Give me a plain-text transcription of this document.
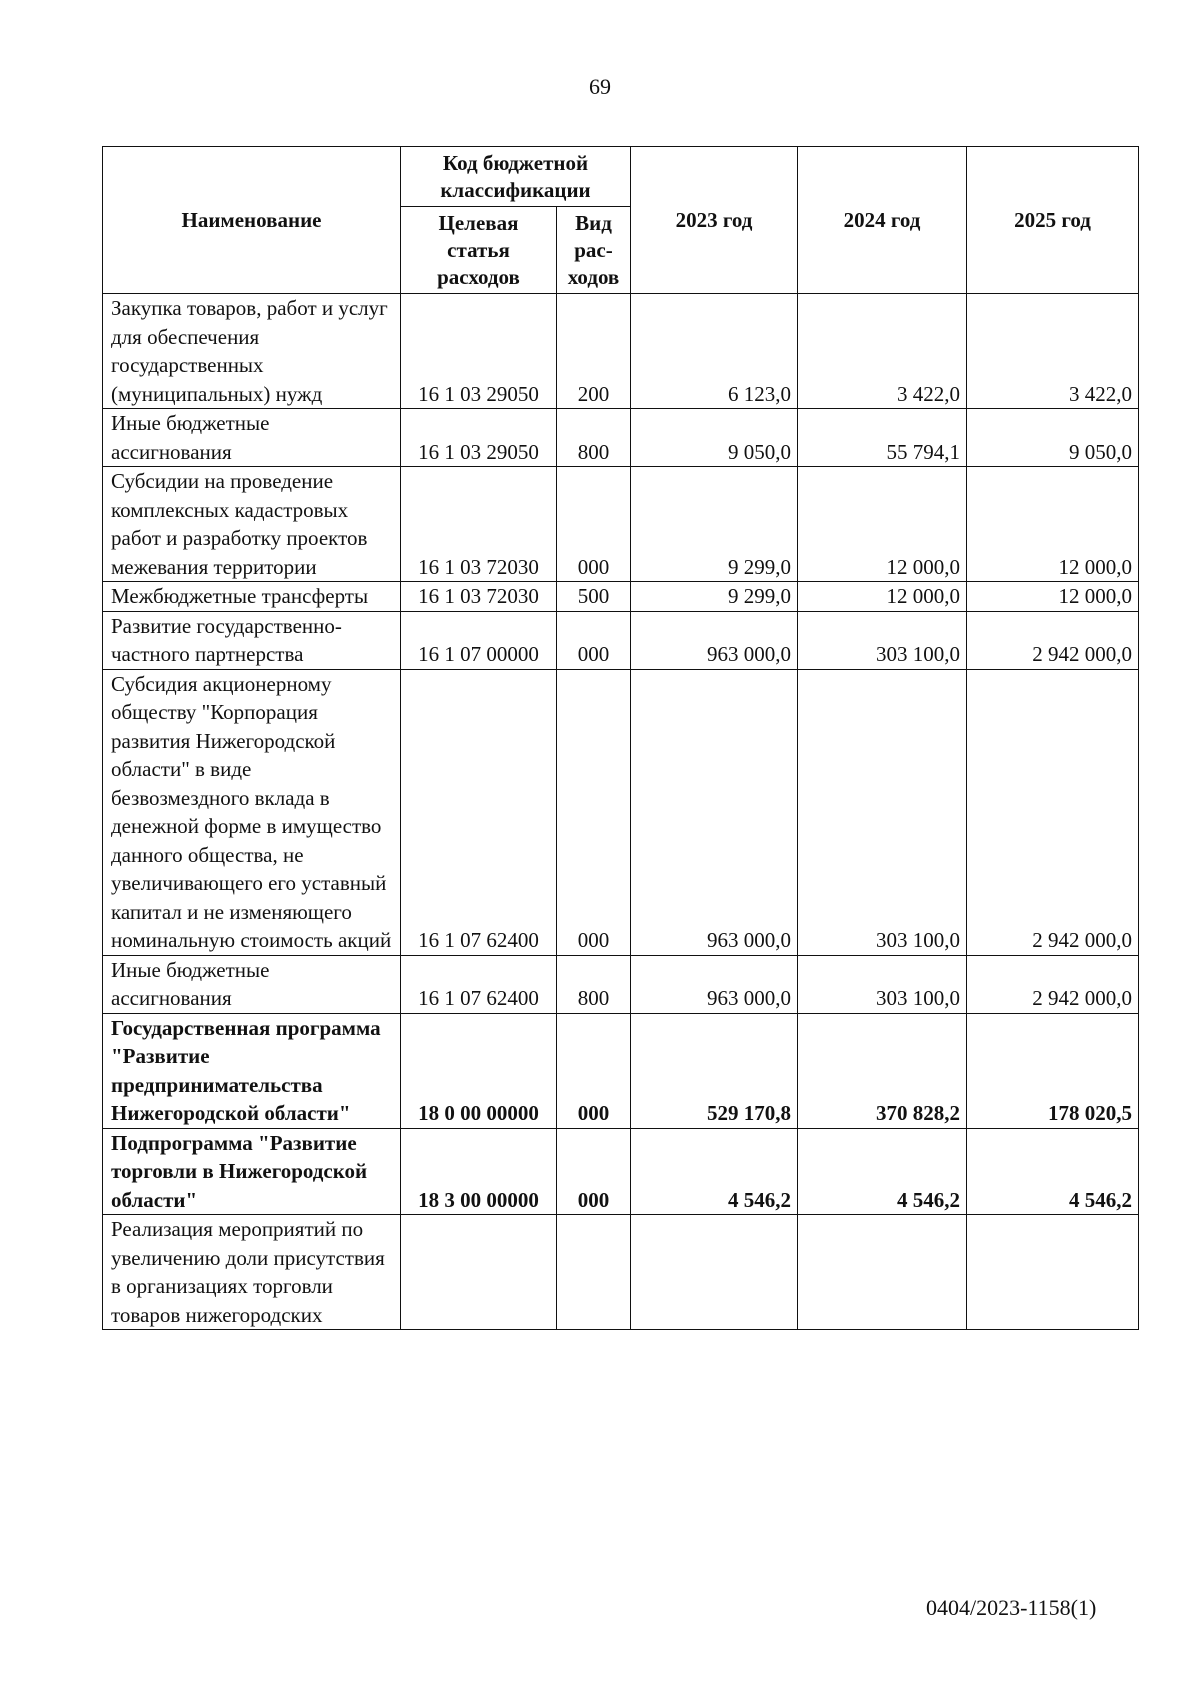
69
Наименование	Код бюджетной классификации		2023 год	2024 год	2025 год
	Целевая статья расходов	Вид рас-ходов			
Закупка товаров, работ и услуг для обеспечения государственных (муниципальных) нужд	16 1 03 29050	200	6 123,0	3 422,0	3 422,0
Иные бюджетные ассигнования	16 1 03 29050	800	9 050,0	55 794,1	9 050,0
Субсидии на проведение комплексных кадастровых работ и разработку проектов межевания территории	16 1 03 72030	000	9 299,0	12 000,0	12 000,0
Межбюджетные трансферты	16 1 03 72030	500	9 299,0	12 000,0	12 000,0
Развитие государственно-частного партнерства	16 1 07 00000	000	963 000,0	303 100,0	2 942 000,0
Субсидия акционерному обществу "Корпорация развития Нижегородской области" в виде безвозмездного вклада в денежной форме в имущество данного общества, не увеличивающего его уставный капитал и не изменяющего номинальную стоимость акций	16 1 07 62400	000	963 000,0	303 100,0	2 942 000,0
Иные бюджетные ассигнования	16 1 07 62400	800	963 000,0	303 100,0	2 942 000,0
Государственная программа "Развитие предпринимательства Нижегородской области"	18 0 00 00000	000	529 170,8	370 828,2	178 020,5
Подпрограмма "Развитие торговли в Нижегородской области"	18 3 00 00000	000	4 546,2	4 546,2	4 546,2
Реализация мероприятий по увеличению доли присутствия в организациях торговли товаров нижегородских					
0404/2023-1158(1)
